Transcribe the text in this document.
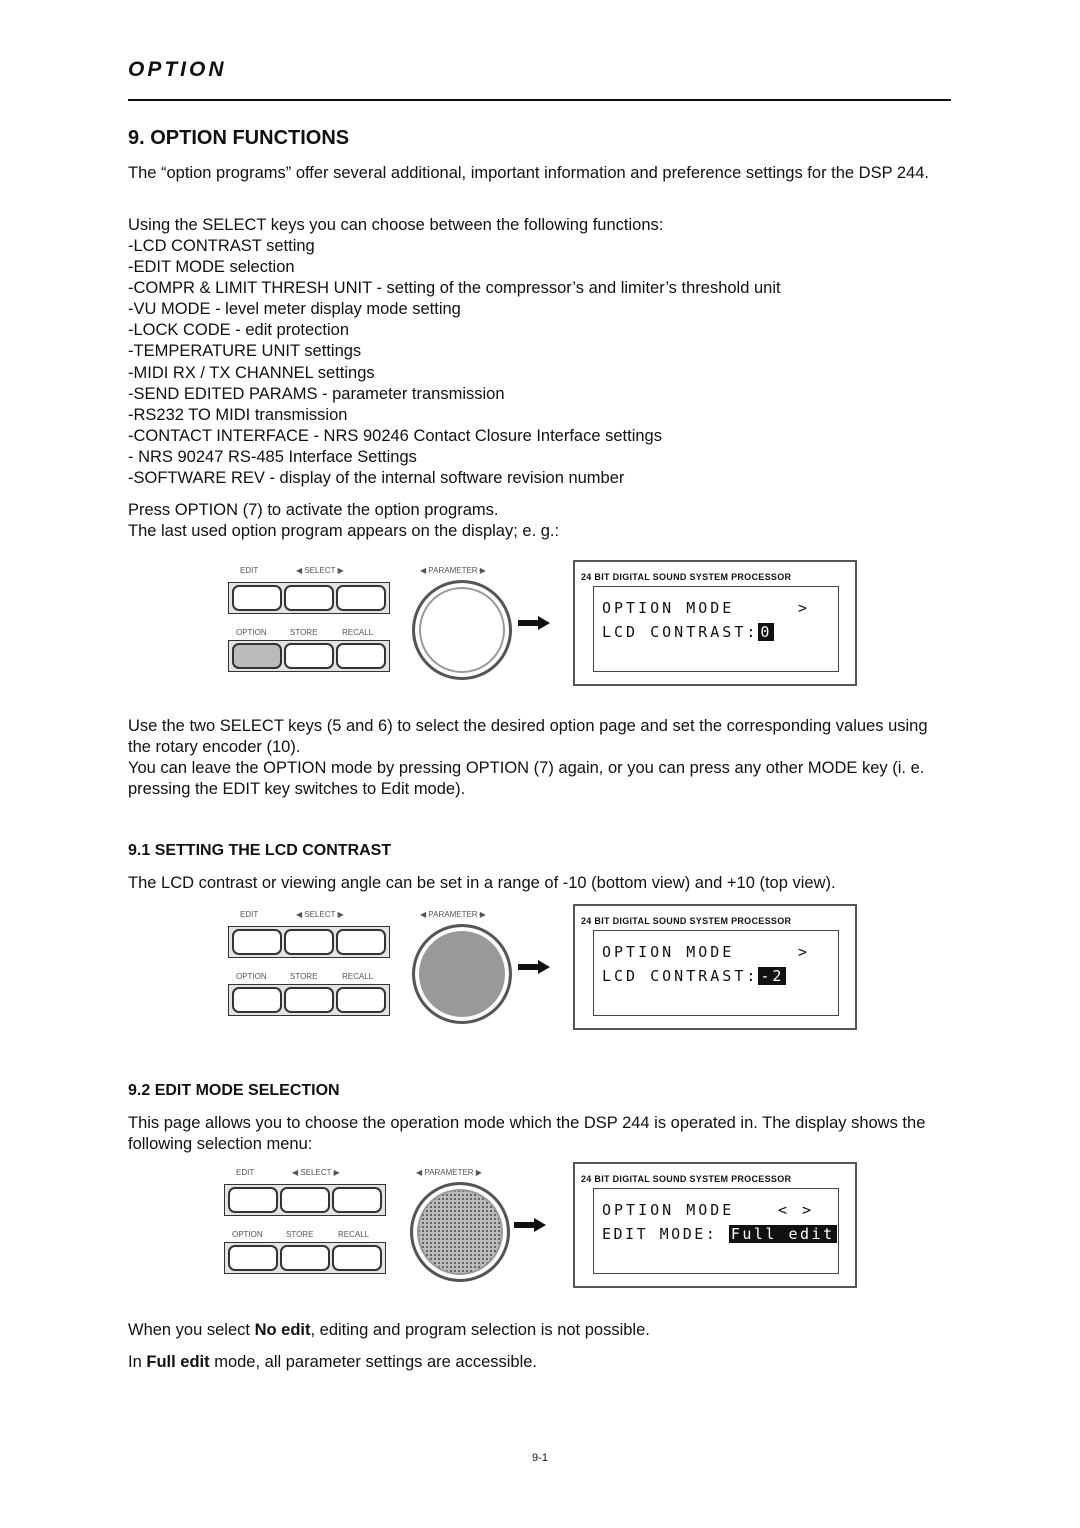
OPTION
9. OPTION FUNCTIONS
The “option programs” offer several additional, important information and preference settings for the DSP 244.
Using the SELECT keys you can choose between the following functions:
-LCD CONTRAST setting
-EDIT MODE selection
-COMPR & LIMIT THRESH UNIT - setting of the compressor’s and limiter’s threshold unit
-VU MODE - level meter display mode setting
-LOCK CODE - edit protection
-TEMPERATURE UNIT settings
-MIDI RX / TX CHANNEL settings
-SEND EDITED PARAMS - parameter transmission
-RS232 TO MIDI transmission
-CONTACT INTERFACE - NRS 90246 Contact Closure Interface settings
- NRS 90247 RS-485 Interface Settings
-SOFTWARE REV - display of the internal software revision number
Press OPTION (7) to activate the option programs.
The last used option program appears on the display; e. g.:
EDIT	◀ SELECT ▶	◀ PARAMETER ▶
OPTION	STORE	RECALL
24 BIT DIGITAL SOUND SYSTEM PROCESSOR
OPTION MODE	>
LCD CONTRAST: 0
Use the two SELECT keys (5 and 6) to select the desired option page and set the corresponding values using the rotary encoder (10).
You can leave the OPTION mode by pressing OPTION (7) again, or you can press any other MODE key (i. e. pressing the EDIT key switches to Edit mode).
9.1 SETTING THE LCD CONTRAST
The LCD contrast or viewing angle can be set in a range of -10 (bottom view) and +10 (top view).
EDIT	◀ SELECT ▶	◀ PARAMETER ▶
OPTION	STORE	RECALL
24 BIT DIGITAL SOUND SYSTEM PROCESSOR
OPTION MODE	>
LCD CONTRAST: -2
9.2 EDIT MODE SELECTION
This page allows you to choose the operation mode which the DSP 244 is operated in. The display shows the following selection menu:
EDIT	◀ SELECT ▶	◀ PARAMETER ▶
OPTION	STORE	RECALL
24 BIT DIGITAL SOUND SYSTEM PROCESSOR
OPTION MODE	< >
EDIT MODE: Full edit
When you select No edit, editing and program selection is not possible.
In Full edit mode, all parameter settings are accessible.
9-1
